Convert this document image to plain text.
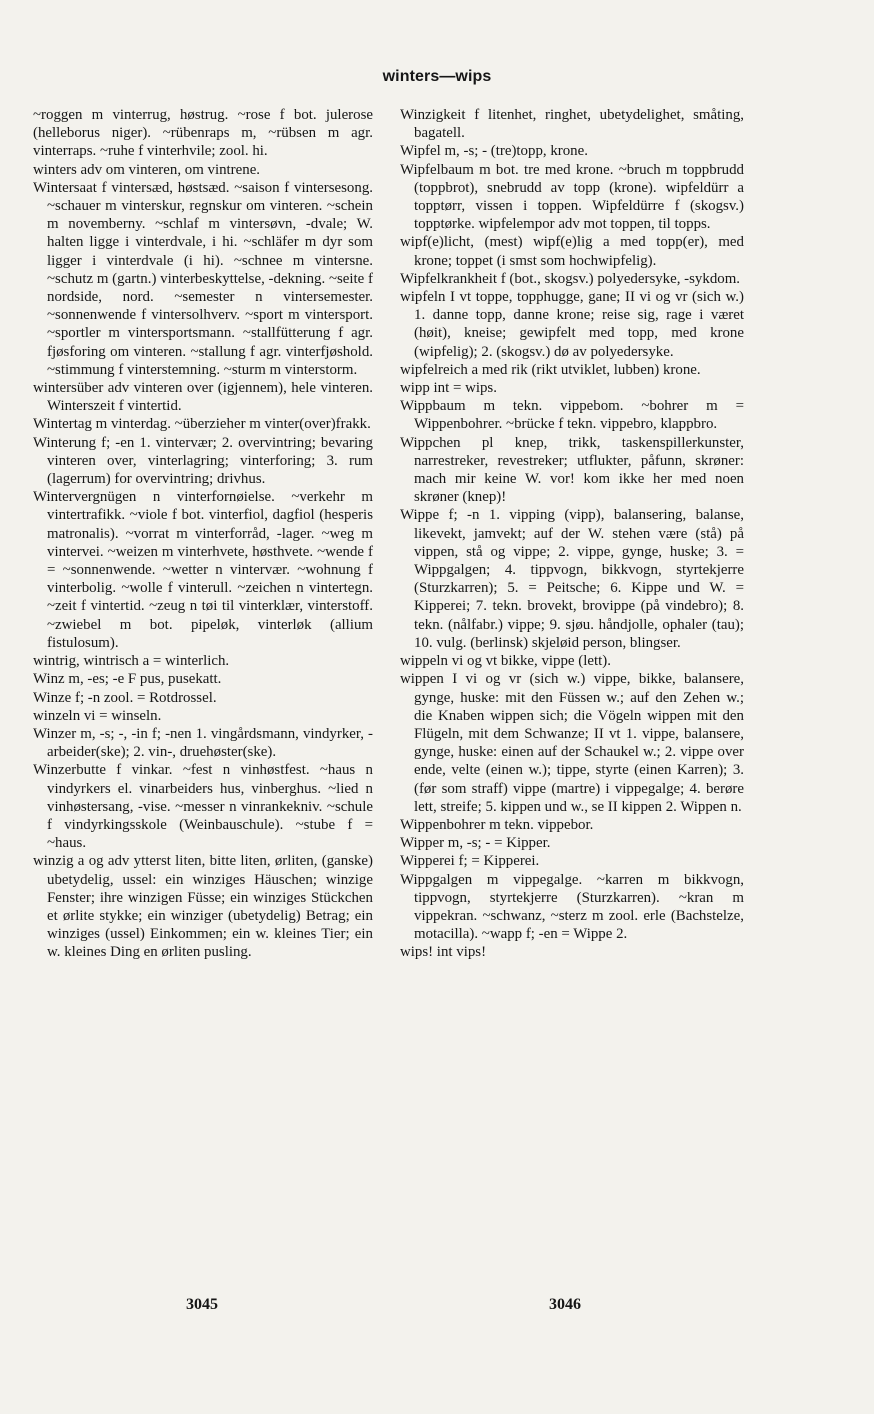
winters—wips

~roggen m vinterrug, høstrug. ~rose f bot. julerose (helleborus niger). ~rübenraps m, ~rübsen m agr. vinterraps. ~ruhe f vinterhvile; zool. hi.

winters adv om vinteren, om vintrene.

Wintersaat f vintersæd, høstsæd. ~saison f vintersesong. ~schauer m vinterskur, regnskur om vinteren. ~schein m novemberny. ~schlaf m vintersøvn, -dvale; W. halten ligge i vinterdvale, i hi. ~schläfer m dyr som ligger i vinterdvale (i hi). ~schnee m vintersne. ~schutz m (gartn.) vinterbeskyttelse, -dekning. ~seite f nordside, nord. ~semester n vintersemester. ~sonnenwende f vintersolhverv. ~sport m vintersport. ~sportler m vintersportsmann. ~stallfütterung f agr. fjøsforing om vinteren. ~stallung f agr. vinterfjøshold. ~stimmung f vinterstemning. ~sturm m vinterstorm.

wintersüber adv vinteren over (igjennem), hele vinteren. Winterszeit f vintertid.

Wintertag m vinterdag. ~überzieher m vinter(over)frakk.

Winterung f; -en 1. vintervær; 2. overvintring; bevaring vinteren over, vinterlagring; vinterforing; 3. rum (lagerrum) for overvintring; drivhus.

Wintervergnügen n vinterfornøielse. ~verkehr m vintertrafikk. ~viole f bot. vinterfiol, dagfiol (hesperis matronalis). ~vorrat m vinterforråd, -lager. ~weg m vintervei. ~weizen m vinterhvete, høsthvete. ~wende f = ~sonnenwende. ~wetter n vintervær. ~wohnung f vinterbolig. ~wolle f vinterull. ~zeichen n vintertegn. ~zeit f vintertid. ~zeug n tøi til vinterklær, vinterstoff. ~zwiebel m bot. pipeløk, vinterløk (allium fistulosum).

wintrig, wintrisch a = winterlich.

Winz m, -es; -e F pus, pusekatt.

Winze f; -n zool. = Rotdrossel.

winzeln vi = winseln.

Winzer m, -s; -, -in f; -nen 1. vingårdsmann, vindyrker, -arbeider(ske); 2. vin-, druehøster(ske).

Winzerbutte f vinkar. ~fest n vinhøstfest. ~haus n vindyrkers el. vinarbeiders hus, vinberghus. ~lied n vinhøstersang, -vise. ~messer n vinrankekniv. ~schule f vindyrkingsskole (Weinbauschule). ~stube f = ~haus.

winzig a og adv ytterst liten, bitte liten, ørliten, (ganske) ubetydelig, ussel: ein winziges Häuschen; winzige Fenster; ihre winzigen Füsse; ein winziges Stückchen et ørlite stykke; ein winziger (ubetydelig) Betrag; ein winziges (ussel) Einkommen; ein w. kleines Tier; ein w. kleines Ding en ørliten pusling.

Winzigkeit f litenhet, ringhet, ubetydelighet, småting, bagatell.

Wipfel m, -s; - (tre)topp, krone.

Wipfelbaum m bot. tre med krone. ~bruch m toppbrudd (toppbrot), snebrudd av topp (krone). wipfeldürr a topptørr, vissen i toppen. Wipfeldürre f (skogsv.) topptørke. wipfelempor adv mot toppen, til topps.

wipf(e)licht, (mest) wipf(e)lig a med topp(er), med krone; toppet (i smst som hochwipfelig).

Wipfelkrankheit f (bot., skogsv.) polyedersyke, -sykdom.

wipfeln I vt toppe, topphugge, gane; II vi og vr (sich w.) 1. danne topp, danne krone; reise sig, rage i været (høit), kneise; gewipfelt med topp, med krone (wipfelig); 2. (skogsv.) dø av polyedersyke.

wipfelreich a med rik (rikt utviklet, lubben) krone.

wipp int = wips.

Wippbaum m tekn. vippebom. ~bohrer m = Wippenbohrer. ~brücke f tekn. vippebro, klappbro.

Wippchen pl knep, trikk, taskenspillerkunster, narrestreker, revestreker; utflukter, påfunn, skrøner: mach mir keine W. vor! kom ikke her med noen skrøner (knep)!

Wippe f; -n 1. vipping (vipp), balansering, balanse, likevekt, jamvekt; auf der W. stehen være (stå) på vippen, stå og vippe; 2. vippe, gynge, huske; 3. = Wippgalgen; 4. tippvogn, bikkvogn, styrtekjerre (Sturzkarren); 5. = Peitsche; 6. Kippe und W. = Kipperei; 7. tekn. brovekt, brovippe (på vindebro); 8. tekn. (nålfabr.) vippe; 9. sjøu. håndjolle, ophaler (tau); 10. vulg. (berlinsk) skjeløid person, blingser.

wippeln vi og vt bikke, vippe (lett).

wippen I vi og vr (sich w.) vippe, bikke, balansere, gynge, huske: mit den Füssen w.; auf den Zehen w.; die Knaben wippen sich; die Vögeln wippen mit den Flügeln, mit dem Schwanze; II vt 1. vippe, balansere, gynge, huske: einen auf der Schaukel w.; 2. vippe over ende, velte (einen w.); tippe, styrte (einen Karren); 3. (før som straff) vippe (martre) i vippegalge; 4. berøre lett, streife; 5. kippen und w., se II kippen 2. Wippen n.

Wippenbohrer m tekn. vippebor.

Wipper m, -s; - = Kipper.

Wipperei f; = Kipperei.

Wippgalgen m vippegalge. ~karren m bikkvogn, tippvogn, styrtekjerre (Sturzkarren). ~kran m vippekran. ~schwanz, ~sterz m zool. erle (Bachstelze, motacilla). ~wapp f; -en = Wippe 2.

wips! int vips!

3045	3046
